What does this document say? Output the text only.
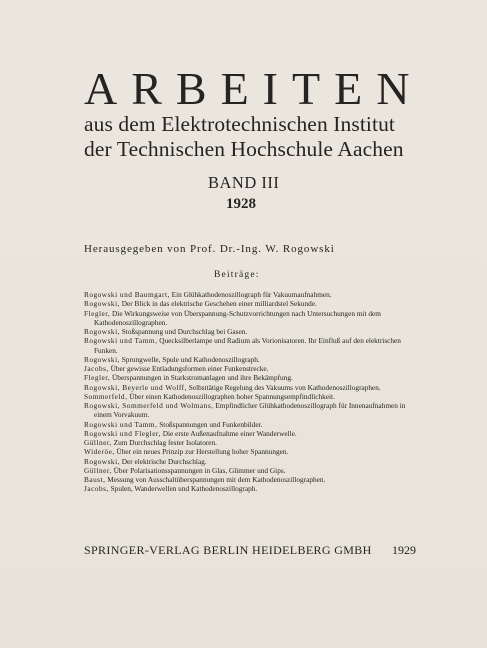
ARBEITEN
aus dem Elektrotechnischen Institut
der Technischen Hochschule Aachen
BAND III
1928
Herausgegeben von Prof. Dr.-Ing. W. Rogowski
Beiträge:
Rogowski und Baumgart, Ein Glühkathodenoszillograph für Vakuumaufnahmen.
Rogowski, Der Blick in das elektrische Geschehen einer milliardstel Sekunde.
Flegler, Die Wirkungsweise von Überspannung-Schutzvorrichtungen nach Untersuchungen mit dem Kathodenoszillographen.
Rogowski, Stoßspannung und Durchschlag bei Gasen.
Rogowski und Tamm, Quecksilberlampe und Radium als Vorionisatoren. Ihr Einfluß auf den elektrischen Funken.
Rogowski, Sprungwelle, Spule und Kathodenoszillograph.
Jacobs, Über gewisse Entladungsformen einer Funkenstrecke.
Flegler, Überspannungen in Starkstromanlagen und ihre Bekämpfung.
Rogowski, Beyerle und Wolff, Selbsttätige Regelung des Vakuums von Kathodenoszillographen.
Sommerfeld, Über einen Kathodenoszillographen hoher Spannungsempfindlichkeit.
Rogowski, Sommerfeld und Wolmans, Empfindlicher Glühkathodenoszillograph für Innenaufnahmen in einem Vorvakuum.
Rogowski und Tamm, Stoßspannungen und Funkenbilder.
Rogowski und Flegler, Die erste Außenaufnahme einer Wanderwelle.
Güllner, Zum Durchschlag fester Isolatoren.
Wideröe, Über ein neues Prinzip zur Herstellung hoher Spannungen.
Rogowski, Der elektrische Durchschlag.
Güllner, Über Polarisationsspannungen in Glas, Glimmer und Gips.
Baust, Messung von Ausschaltüberspannungen mit dem Kathodenoszillographen.
Jacobs, Spulen, Wanderwellen und Kathodenoszillograph.
SPRINGER-VERLAG BERLIN HEIDELBERG GMBH 1929
